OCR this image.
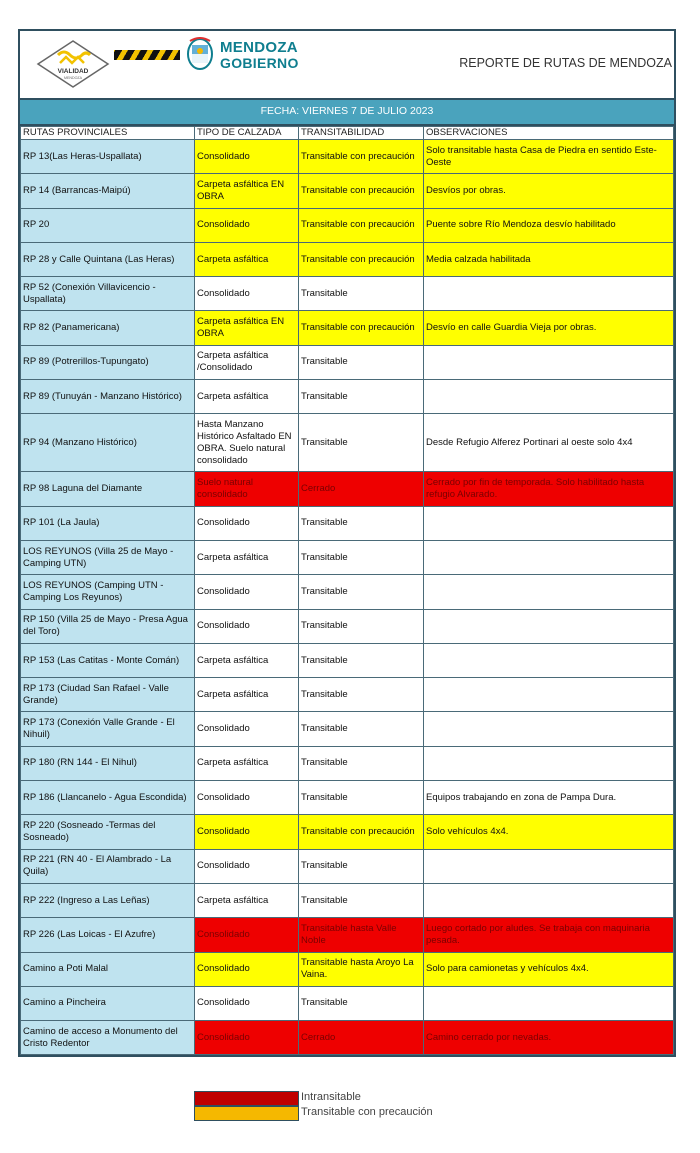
VIALIDAD
MENDOZA
MENDOZA
GOBIERNO	REPORTE DE RUTAS DE MENDOZA
FECHA: VIERNES 7 DE JULIO 2023
RUTAS PROVINCIALES	TIPO DE CALZADA	TRANSITABILIDAD	OBSERVACIONES
RP 13(Las Heras-Uspallata)	Consolidado	Transitable con precaución	Solo transitable hasta Casa de Piedra en sentido Este-Oeste
RP 14 (Barrancas-Maipú)	Carpeta asfáltica EN OBRA	Transitable con precaución	Desvíos por obras.
RP 20	Consolidado	Transitable con precaución	Puente sobre Río Mendoza desvío habilitado
RP 28 y Calle Quintana (Las Heras)	Carpeta asfáltica	Transitable con precaución	Media calzada habilitada
RP 52 (Conexión Villavicencio - Uspallata)	Consolidado	Transitable	
RP 82 (Panamericana)	Carpeta asfáltica EN OBRA	Transitable con precaución	Desvío en calle Guardia Vieja por obras.
RP 89 (Potrerillos-Tupungato)	Carpeta asfáltica /Consolidado	Transitable	
RP 89 (Tunuyán - Manzano Histórico)	Carpeta asfáltica	Transitable	
RP 94 (Manzano Histórico)	Hasta Manzano Histórico Asfaltado EN OBRA. Suelo natural consolidado	Transitable	Desde Refugio Alferez Portinari al oeste solo 4x4
RP 98 Laguna del Diamante	Suelo natural consolidado	Cerrado	Cerrado por fin de temporada. Solo habilitado hasta refugio Alvarado.
RP 101 (La Jaula)	Consolidado	Transitable	
LOS REYUNOS (Villa 25 de Mayo - Camping UTN)	Carpeta asfáltica	Transitable	
LOS REYUNOS (Camping UTN - Camping Los Reyunos)	Consolidado	Transitable	
RP 150 (Villa 25 de Mayo - Presa Agua del Toro)	Consolidado	Transitable	
RP 153 (Las Catitas - Monte Comán)	Carpeta asfáltica	Transitable	
RP 173 (Ciudad San Rafael - Valle Grande)	Carpeta asfáltica	Transitable	
RP 173 (Conexión Valle Grande - El Nihuil)	Consolidado	Transitable	
RP 180 (RN 144 - El Nihul)	Carpeta asfáltica	Transitable	
RP 186 (Llancanelo - Agua Escondida)	Consolidado	Transitable	Equipos trabajando en zona de Pampa Dura.
RP 220 (Sosneado -Termas del Sosneado)	Consolidado	Transitable con precaución	Solo vehículos 4x4.
RP 221 (RN 40 - El Alambrado - La Quila)	Consolidado	Transitable	
RP 222 (Ingreso a Las Leñas)	Carpeta asfáltica	Transitable	
RP 226 (Las Loicas - El Azufre)	Consolidado	Transitable hasta Valle Noble	Luego cortado por aludes. Se trabaja con maquinaria pesada.
Camino a Poti Malal	Consolidado	Transitable hasta Aroyo La Vaina.	Solo para camionetas y vehículos 4x4.
Camino a Pincheira	Consolidado	Transitable	
Camino de acceso a Monumento del Cristo Redentor	Consolidado	Cerrado	Camino cerrado por nevadas.
Intransitable
Transitable con precaución
